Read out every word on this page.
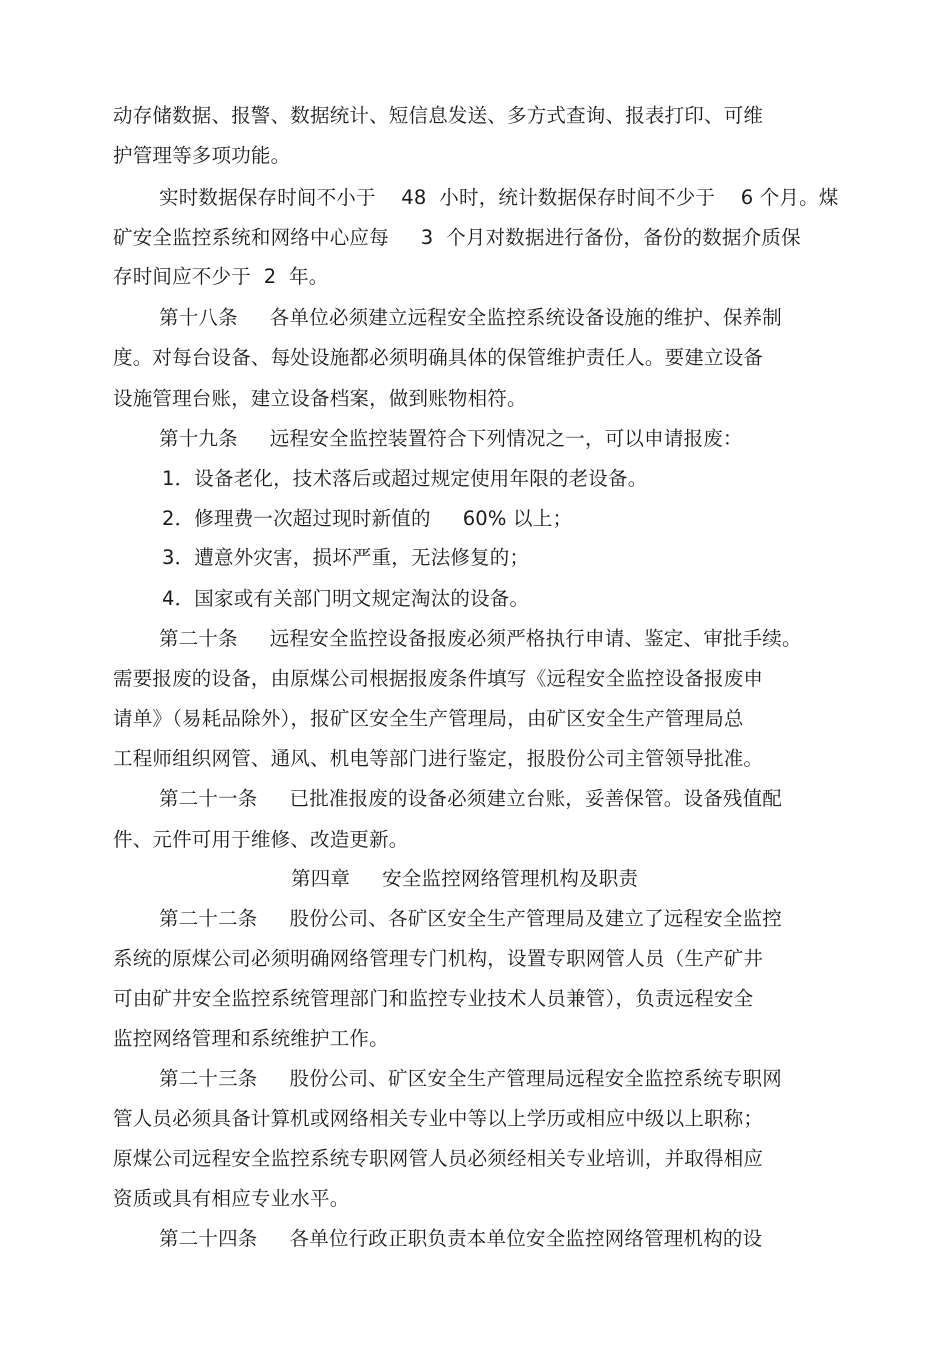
动存储数据、报警、数据统计、短信息发送、多方式查询、报表打印、可维
护管理等多项功能。
实时数据保存时间不小于    48  小时，统计数据保存时间不少于    6 个月。煤
矿安全监控系统和网络中心应每     3  个月对数据进行备份，备份的数据介质保
存时间应不少于  2  年。
第十八条     各单位必须建立远程安全监控系统设备设施的维护、保养制
度。对每台设备、每处设施都必须明确具体的保管维护责任人。要建立设备
设施管理台账，建立设备档案，做到账物相符。
第十九条     远程安全监控装置符合下列情况之一，可以申请报废：
1．设备老化，技术落后或超过规定使用年限的老设备。
2．修理费一次超过现时新值的     60% 以上；
3．遭意外灾害，损坏严重，无法修复的；
4．国家或有关部门明文规定淘汰的设备。
第二十条     远程安全监控设备报废必须严格执行申请、鉴定、审批手续。
需要报废的设备，由原煤公司根据报废条件填写《远程安全监控设备报废申
请单》（易耗品除外），报矿区安全生产管理局，由矿区安全生产管理局总
工程师组织网管、通风、机电等部门进行鉴定，报股份公司主管领导批准。
第二十一条     已批准报废的设备必须建立台账，妥善保管。设备残值配
件、元件可用于维修、改造更新。
第四章     安全监控网络管理机构及职责
第二十二条     股份公司、各矿区安全生产管理局及建立了远程安全监控
系统的原煤公司必须明确网络管理专门机构，设置专职网管人员（生产矿井
可由矿井安全监控系统管理部门和监控专业技术人员兼管），负责远程安全
监控网络管理和系统维护工作。
第二十三条     股份公司、矿区安全生产管理局远程安全监控系统专职网
管人员必须具备计算机或网络相关专业中等以上学历或相应中级以上职称；
原煤公司远程安全监控系统专职网管人员必须经相关专业培训，并取得相应
资质或具有相应专业水平。
第二十四条     各单位行政正职负责本单位安全监控网络管理机构的设
